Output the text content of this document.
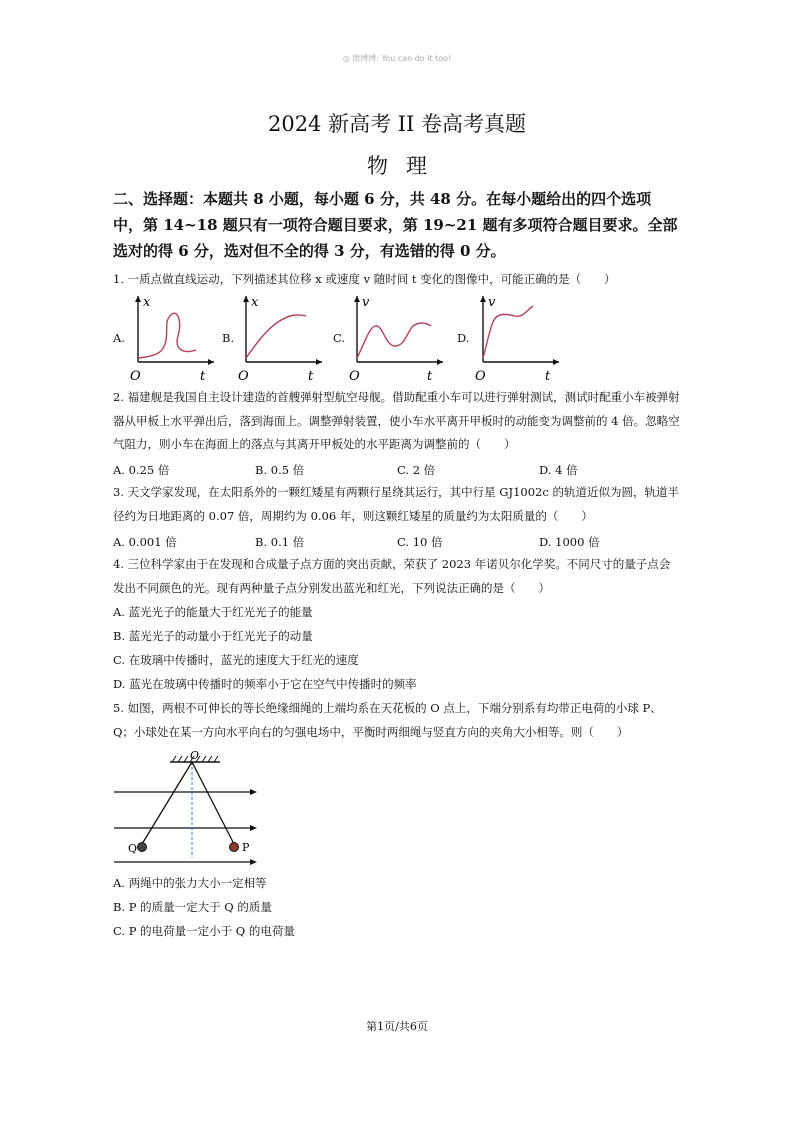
◎ 微博博: You can do it too!
2024 新高考 II 卷高考真题
物理
二、选择题：本题共 8 小题，每小题 6 分，共 48 分。在每小题给出的四个选项中，第 14~18 题只有一项符合题目要求，第 19~21 题有多项符合题目要求。全部选对的得 6 分，选对但不全的得 3 分，有选错的得 0 分。
1. 一质点做直线运动，下列描述其位移 x 或速度 v 随时间 t 变化的图像中，可能正确的是（　　）
A.	B.	C.	D.
x
O	t
x
O	t
v
O	t
v
O	t
2. 福建舰是我国自主设计建造的首艘弹射型航空母舰。借助配重小车可以进行弹射测试，测试时配重小车被弹射器从甲板上水平弹出后，落到海面上。调整弹射装置，使小车水平离开甲板时的动能变为调整前的 4 倍。忽略空气阻力，则小车在海面上的落点与其离开甲板处的水平距离为调整前的（　　）
A. 0.25 倍	B. 0.5 倍	C. 2 倍	D. 4 倍
3. 天文学家发现，在太阳系外的一颗红矮星有两颗行星绕其运行，其中行星 GJ1002c 的轨道近似为圆，轨道半径约为日地距离的 0.07 倍，周期约为 0.06 年，则这颗红矮星的质量约为太阳质量的（　　）
A. 0.001 倍	B. 0.1 倍	C. 10 倍	D. 1000 倍
4. 三位科学家由于在发现和合成量子点方面的突出贡献，荣获了 2023 年诺贝尔化学奖。不同尺寸的量子点会发出不同颜色的光。现有两种量子点分别发出蓝光和红光，下列说法正确的是（　　）
A. 蓝光光子的能量大于红光光子的能量
B. 蓝光光子的动量小于红光光子的动量
C. 在玻璃中传播时，蓝光的速度大于红光的速度
D. 蓝光在玻璃中传播时的频率小于它在空气中传播时的频率
5. 如图，两根不可伸长的等长绝缘细绳的上端均系在天花板的 O 点上，下端分别系有均带正电荷的小球 P、Q；小球处在某一方向水平向右的匀强电场中，平衡时两细绳与竖直方向的夹角大小相等。则（　　）
O
Q	P
A. 两绳中的张力大小一定相等
B. P 的质量一定大于 Q 的质量
C. P 的电荷量一定小于 Q 的电荷量
第1页/共6页
